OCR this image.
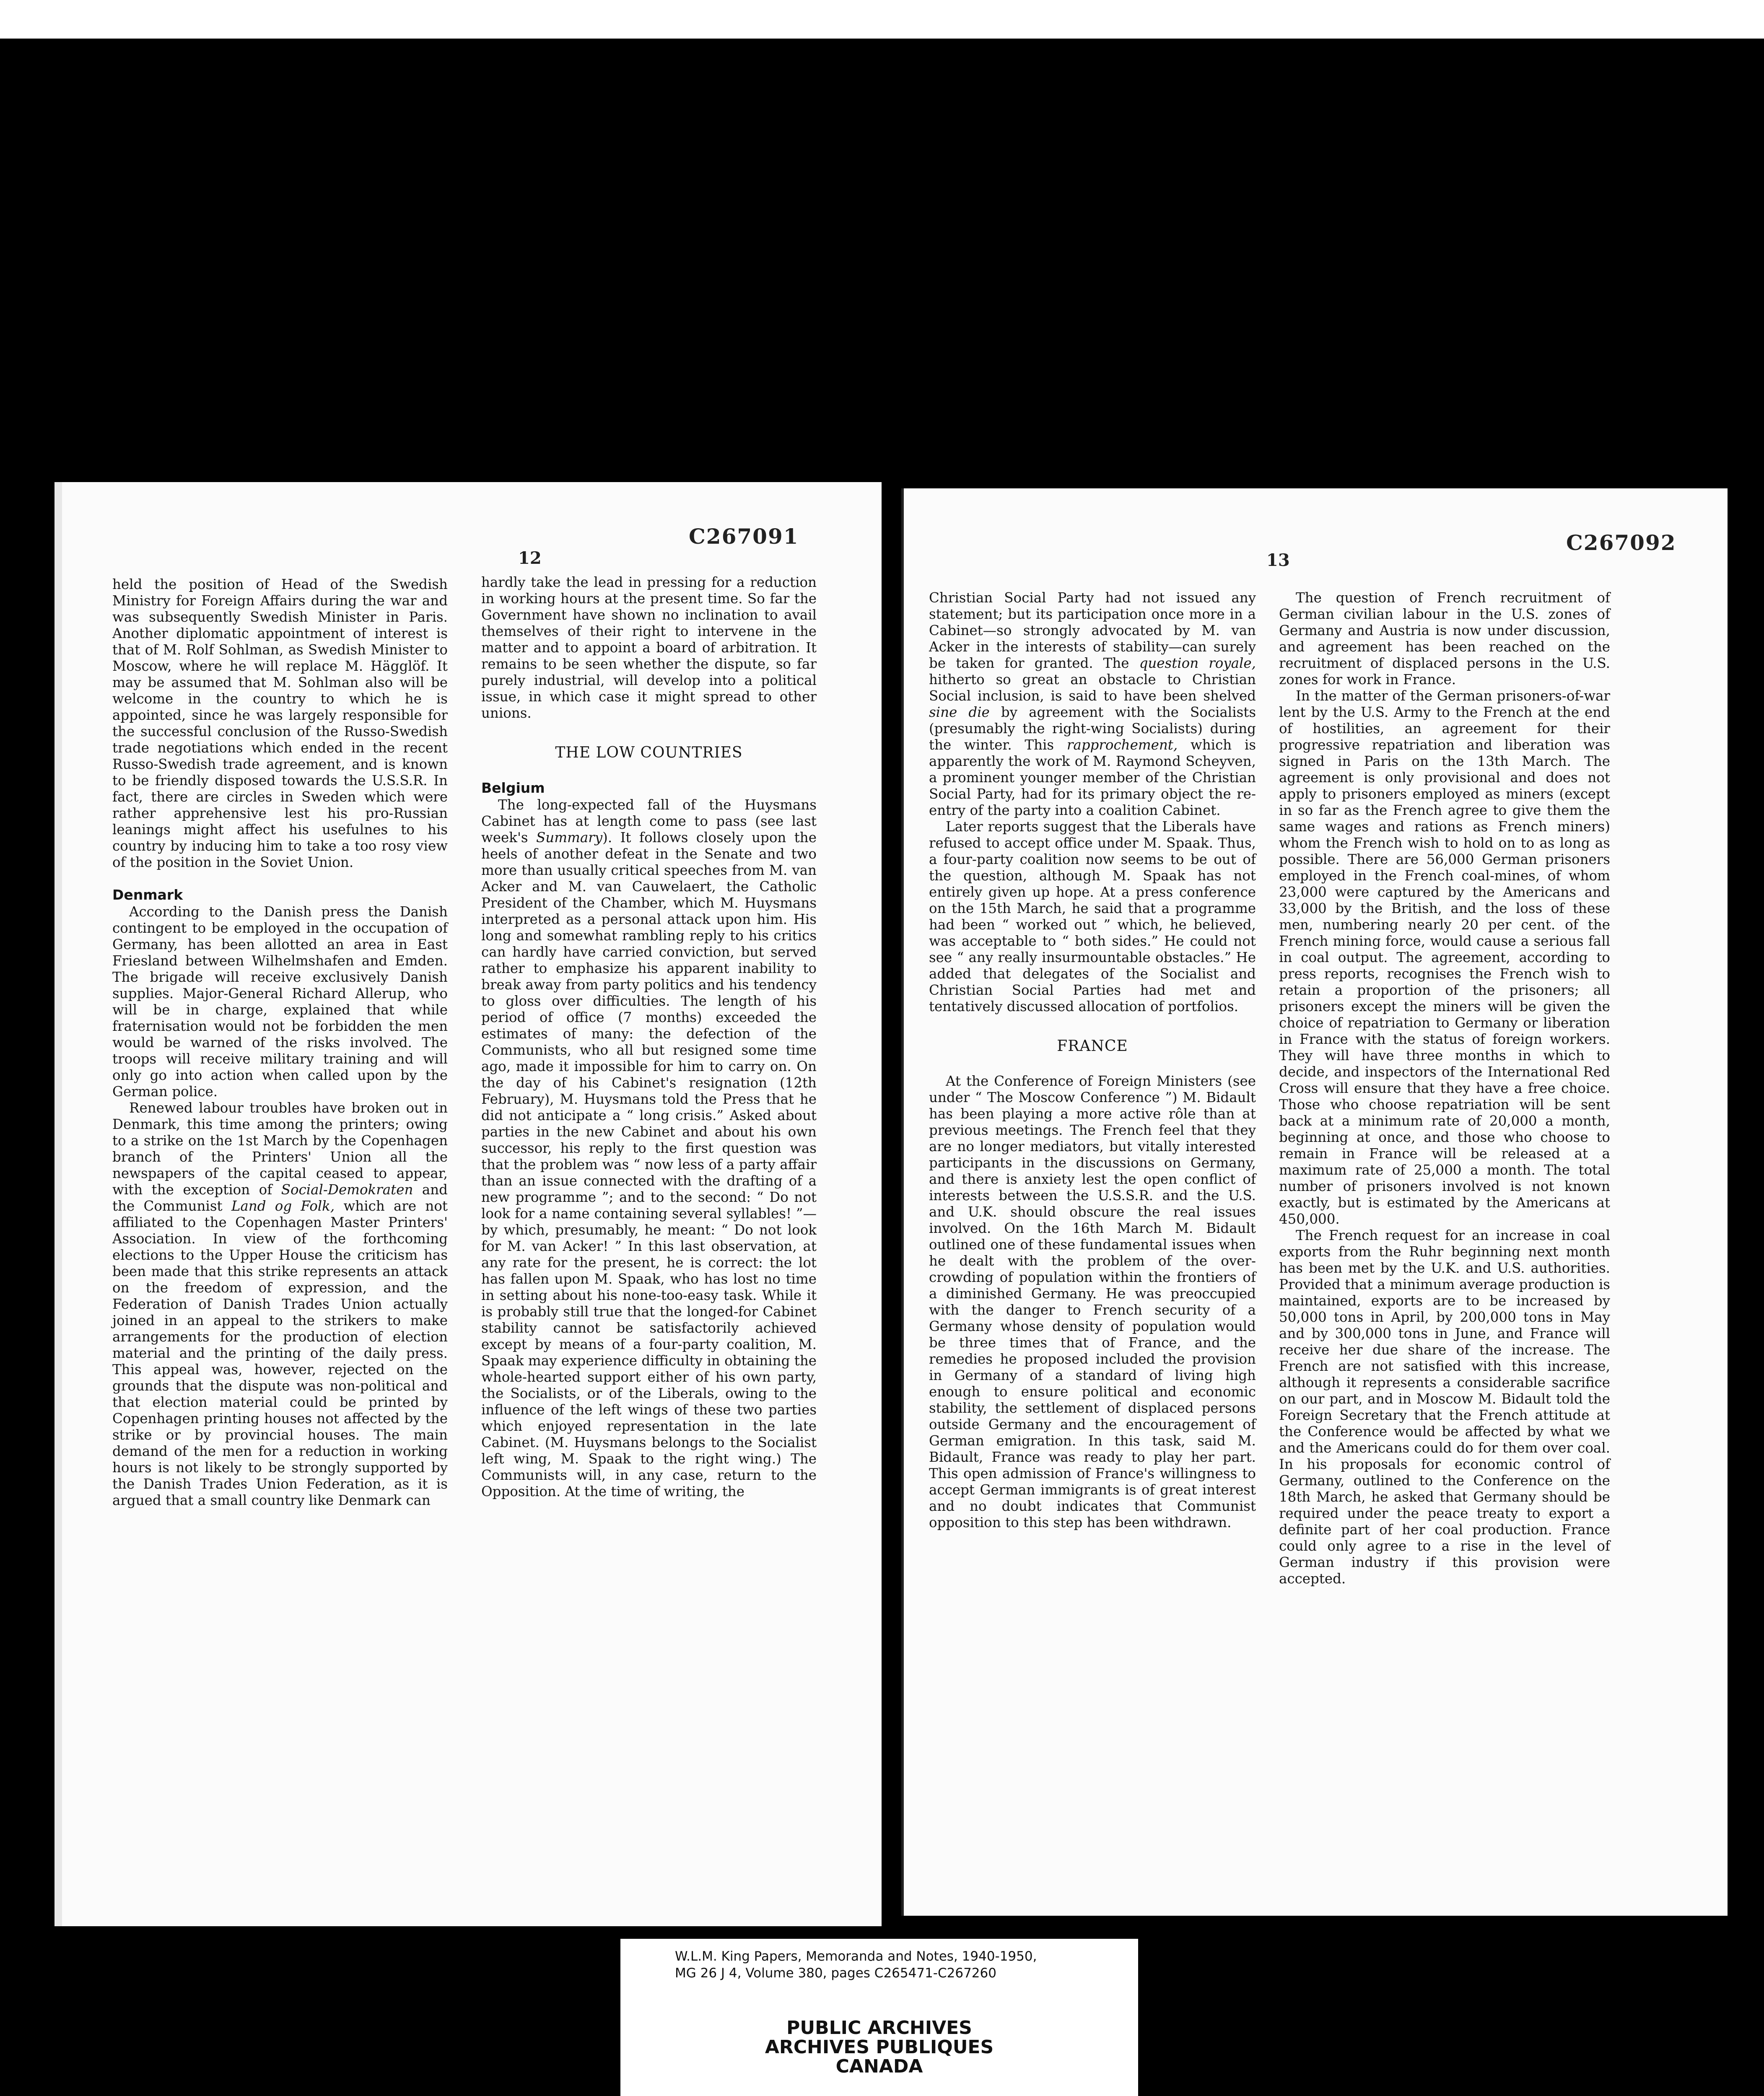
C267091
12

held the position of Head of the Swedish Ministry for Foreign Affairs during the war and was subsequently Swedish Minister in Paris. Another diplomatic appointment of interest is that of M. Rolf Sohlman, as Swedish Minister to Moscow, where he will replace M. Hägglöf. It may be assumed that M. Sohlman also will be welcome in the country to which he is appointed, since he was largely responsible for the successful conclusion of the Russo-Swedish trade negotiations which ended in the recent Russo-Swedish trade agreement, and is known to be friendly disposed towards the U.S.S.R. In fact, there are circles in Sweden which were rather apprehensive lest his pro-Russian leanings might affect his usefulnes to his country by inducing him to take a too rosy view of the position in the Soviet Union.

Denmark

According to the Danish press the Danish contingent to be employed in the occupation of Germany, has been allotted an area in East Friesland between Wilhelmshafen and Emden. The brigade will receive exclusively Danish supplies. Major-General Richard Allerup, who will be in charge, explained that while fraternisation would not be forbidden the men would be warned of the risks involved. The troops will receive military training and will only go into action when called upon by the German police.

Renewed labour troubles have broken out in Denmark, this time among the printers; owing to a strike on the 1st March by the Copenhagen branch of the Printers' Union all the newspapers of the capital ceased to appear, with the exception of Social-Demokraten and the Communist Land og Folk, which are not affiliated to the Copenhagen Master Printers' Association. In view of the forthcoming elections to the Upper House the criticism has been made that this strike represents an attack on the freedom of expression, and the Federation of Danish Trades Union actually joined in an appeal to the strikers to make arrangements for the production of election material and the printing of the daily press. This appeal was, however, rejected on the grounds that the dispute was non-political and that election material could be printed by Copenhagen printing houses not affected by the strike or by provincial houses. The main demand of the men for a reduction in working hours is not likely to be strongly supported by the Danish Trades Union Federation, as it is argued that a small country like Denmark can

hardly take the lead in pressing for a reduction in working hours at the present time. So far the Government have shown no inclination to avail themselves of their right to intervene in the matter and to appoint a board of arbitration. It remains to be seen whether the dispute, so far purely industrial, will develop into a political issue, in which case it might spread to other unions.

THE LOW COUNTRIES
Belgium

The long-expected fall of the Huysmans Cabinet has at length come to pass (see last week's Summary). It follows closely upon the heels of another defeat in the Senate and two more than usually critical speeches from M. van Acker and M. van Cauwelaert, the Catholic President of the Chamber, which M. Huysmans interpreted as a personal attack upon him. His long and somewhat rambling reply to his critics can hardly have carried conviction, but served rather to emphasize his apparent inability to break away from party politics and his tendency to gloss over difficulties. The length of his period of office (7 months) exceeded the estimates of many: the defection of the Communists, who all but resigned some time ago, made it impossible for him to carry on. On the day of his Cabinet's resignation (12th February), M. Huysmans told the Press that he did not anticipate a “ long crisis.” Asked about parties in the new Cabinet and about his own successor, his reply to the first question was that the problem was “ now less of a party affair than an issue connected with the drafting of a new programme ”; and to the second: “ Do not look for a name containing several syllables! ”—by which, presumably, he meant: “ Do not look for M. van Acker! ” In this last observation, at any rate for the present, he is correct: the lot has fallen upon M. Spaak, who has lost no time in setting about his none-too-easy task. While it is probably still true that the longed-for Cabinet stability cannot be satisfactorily achieved except by means of a four-party coalition, M. Spaak may experience difficulty in obtaining the whole-hearted support either of his own party, the Socialists, or of the Liberals, owing to the influence of the left wings of these two parties which enjoyed representation in the late Cabinet. (M. Huysmans belongs to the Socialist left wing, M. Spaak to the right wing.) The Communists will, in any case, return to the Opposition. At the time of writing, the

C267092
13

Christian Social Party had not issued any statement; but its participation once more in a Cabinet—so strongly advocated by M. van Acker in the interests of stability—can surely be taken for granted. The question royale, hitherto so great an obstacle to Christian Social inclusion, is said to have been shelved sine die by agreement with the Socialists (presumably the right-wing Socialists) during the winter. This rapprochement, which is apparently the work of M. Raymond Scheyven, a prominent younger member of the Christian Social Party, had for its primary object the re-entry of the party into a coalition Cabinet.

Later reports suggest that the Liberals have refused to accept office under M. Spaak. Thus, a four-party coalition now seems to be out of the question, although M. Spaak has not entirely given up hope. At a press conference on the 15th March, he said that a programme had been “ worked out ” which, he believed, was acceptable to “ both sides.” He could not see “ any really insurmountable obstacles.” He added that delegates of the Socialist and Christian Social Parties had met and tentatively discussed allocation of portfolios.

FRANCE

At the Conference of Foreign Ministers (see under “ The Moscow Conference ”) M. Bidault has been playing a more active rôle than at previous meetings. The French feel that they are no longer mediators, but vitally interested participants in the discussions on Germany, and there is anxiety lest the open conflict of interests between the U.S.S.R. and the U.S. and U.K. should obscure the real issues involved. On the 16th March M. Bidault outlined one of these fundamental issues when he dealt with the problem of the over-crowding of population within the frontiers of a diminished Germany. He was preoccupied with the danger to French security of a Germany whose density of population would be three times that of France, and the remedies he proposed included the provision in Germany of a standard of living high enough to ensure political and economic stability, the settlement of displaced persons outside Germany and the encouragement of German emigration. In this task, said M. Bidault, France was ready to play her part. This open admission of France's willingness to accept German immigrants is of great interest and no doubt indicates that Communist opposition to this step has been withdrawn.

The question of French recruitment of German civilian labour in the U.S. zones of Germany and Austria is now under discussion, and agreement has been reached on the recruitment of displaced persons in the U.S. zones for work in France.

In the matter of the German prisoners-of-war lent by the U.S. Army to the French at the end of hostilities, an agreement for their progressive repatriation and liberation was signed in Paris on the 13th March. The agreement is only provisional and does not apply to prisoners employed as miners (except in so far as the French agree to give them the same wages and rations as French miners) whom the French wish to hold on to as long as possible. There are 56,000 German prisoners employed in the French coal-mines, of whom 23,000 were captured by the Americans and 33,000 by the British, and the loss of these men, numbering nearly 20 per cent. of the French mining force, would cause a serious fall in coal output. The agreement, according to press reports, recognises the French wish to retain a proportion of the prisoners; all prisoners except the miners will be given the choice of repatriation to Germany or liberation in France with the status of foreign workers. They will have three months in which to decide, and inspectors of the International Red Cross will ensure that they have a free choice. Those who choose repatriation will be sent back at a minimum rate of 20,000 a month, beginning at once, and those who choose to remain in France will be released at a maximum rate of 25,000 a month. The total number of prisoners involved is not known exactly, but is estimated by the Americans at 450,000.

The French request for an increase in coal exports from the Ruhr beginning next month has been met by the U.K. and U.S. authorities. Provided that a minimum average production is maintained, exports are to be increased by 50,000 tons in April, by 200,000 tons in May and by 300,000 tons in June, and France will receive her due share of the increase. The French are not satisfied with this increase, although it represents a considerable sacrifice on our part, and in Moscow M. Bidault told the Foreign Secretary that the French attitude at the Conference would be affected by what we and the Americans could do for them over coal. In his proposals for economic control of Germany, outlined to the Conference on the 18th March, he asked that Germany should be required under the peace treaty to export a definite part of her coal production. France could only agree to a rise in the level of German industry if this provision were accepted.

W.L.M. King Papers, Memoranda and Notes, 1940-1950,
MG 26 J 4, Volume 380, pages C265471-C267260
PUBLIC ARCHIVES
ARCHIVES PUBLIQUES
CANADA
